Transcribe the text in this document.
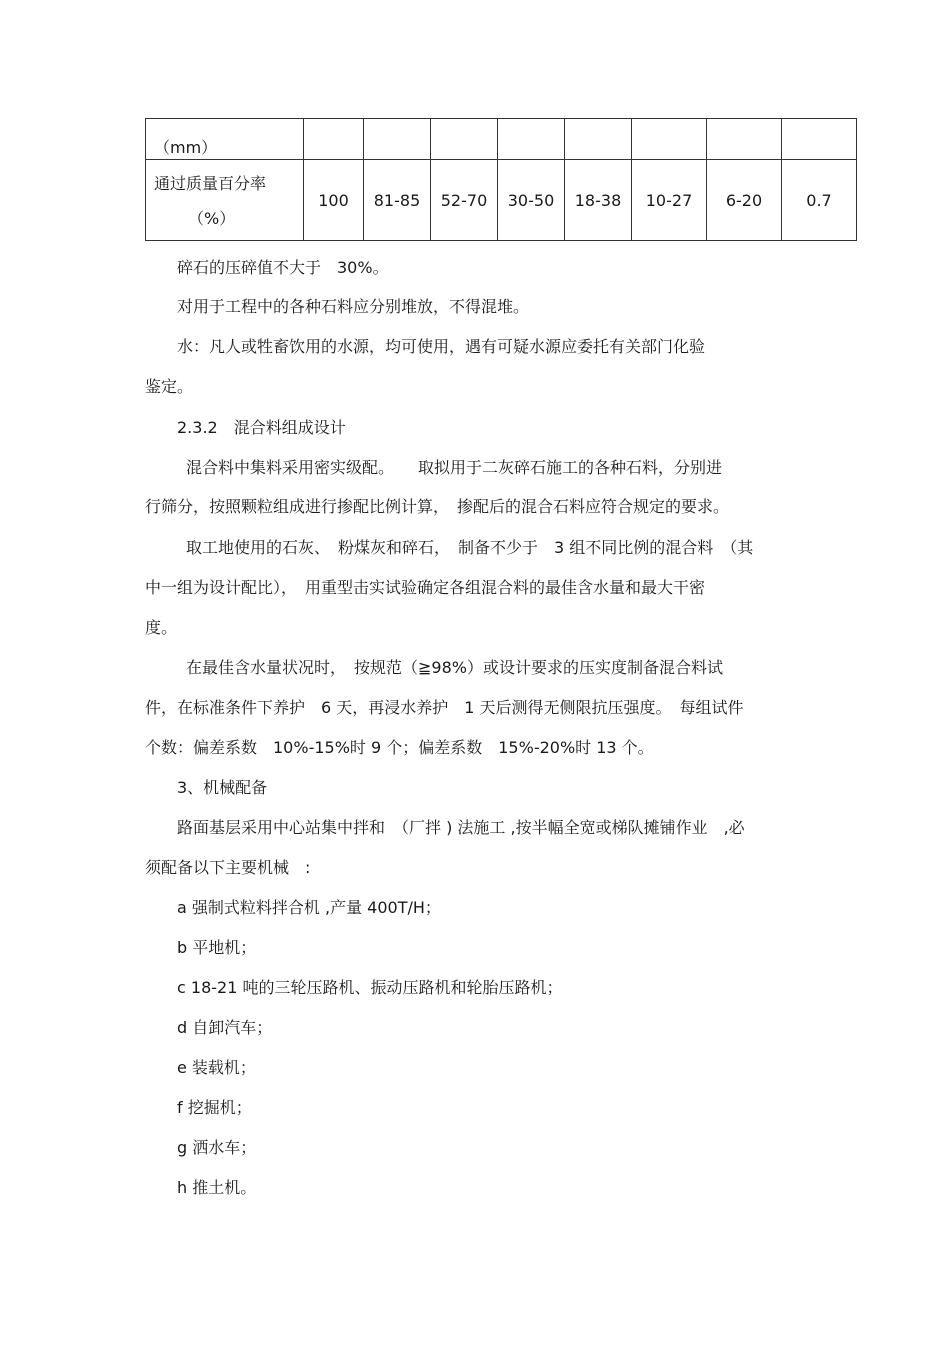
（mm）								

通过质量百分率
（%）	100	81-85	52-70	30-50	18-38	10-27	6-20	0.7
碎石的压碎值不大于　30%。
对用于工程中的各种石料应分别堆放，不得混堆。
水：凡人或牲畜饮用的水源，均可使用，遇有可疑水源应委托有关部门化验
鉴定。
2.3.2　混合料组成设计
混合料中集料采用密实级配。　　取拟用于二灰碎石施工的各种石料，分别进
行筛分，按照颗粒组成进行掺配比例计算，　掺配后的混合石料应符合规定的要求。
取工地使用的石灰、　粉煤灰和碎石，　制备不少于　3 组不同比例的混合料　（其
中一组为设计配比），　用重型击实试验确定各组混合料的最佳含水量和最大干密
度。
在最佳含水量状况时，　按规范（≧98%）或设计要求的压实度制备混合料试
件，在标准条件下养护　6 天，再浸水养护　1 天后测得无侧限抗压强度。　每组试件
个数：偏差系数　10%-15%时 9 个；偏差系数　15%-20%时 13 个。
3、机械配备
路面基层采用中心站集中拌和　（厂拌 ) 法施工 ,按半幅全宽或梯队摊铺作业　,必
须配备以下主要机械　:
a 强制式粒料拌合机 ,产量 400T/H；
b 平地机；
c 18-21 吨的三轮压路机、振动压路机和轮胎压路机；
d 自卸汽车；
e 装载机；
f 挖掘机；
g 洒水车；
h 推土机。
